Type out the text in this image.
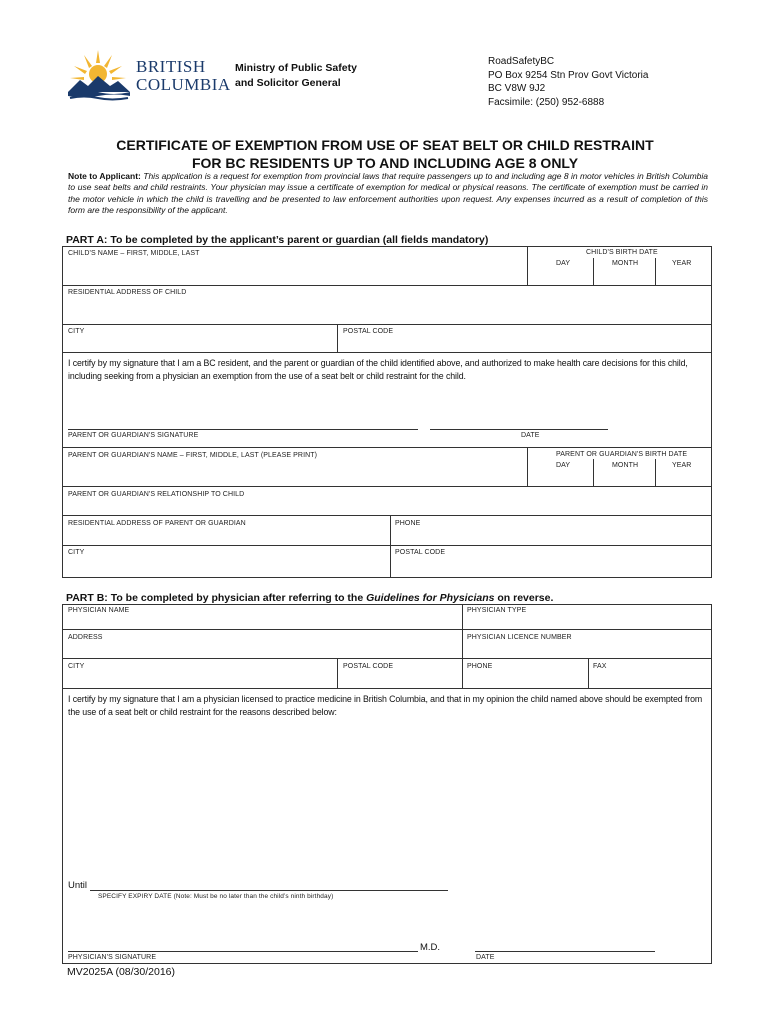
BRITISH
COLUMBIA
Ministry of Public Safety
and Solicitor General
RoadSafetyBC
PO Box 9254 Stn Prov Govt Victoria
BC V8W 9J2
Facsimile: (250) 952-6888
CERTIFICATE OF EXEMPTION FROM USE OF SEAT BELT OR CHILD RESTRAINT
FOR BC RESIDENTS UP TO AND INCLUDING AGE 8 ONLY
Note to Applicant: This application is a request for exemption from provincial laws that require passengers up to and including age 8 in motor vehicles in British Columbia to use seat belts and child restraints. Your physician may issue a certificate of exemption for medical or physical reasons. The certificate of exemption must be carried in the motor vehicle in which the child is travelling and be presented to law enforcement authorities upon request. Any expenses incurred as a result of completion of this form are the responsibility of the applicant.
PART A: To be completed by the applicant’s parent or guardian (all fields mandatory)
CHILD'S NAME – FIRST, MIDDLE, LAST	CHILD'S BIRTH DATE
DAY	MONTH	YEAR
RESIDENTIAL ADDRESS OF CHILD
CITY	POSTAL CODE
I certify by my signature that I am a BC resident, and the parent or guardian of the child identified above, and authorized to make health care decisions for this child, including seeking from a physician an exemption from the use of a seat belt or child restraint for the child.
PARENT OR GUARDIAN'S SIGNATURE	DATE
PARENT OR GUARDIAN'S NAME – FIRST, MIDDLE, LAST (PLEASE PRINT)	PARENT OR GUARDIAN'S BIRTH DATE
DAY	MONTH	YEAR
PARENT OR GUARDIAN'S RELATIONSHIP TO CHILD
RESIDENTIAL ADDRESS OF PARENT OR GUARDIAN	PHONE
CITY	POSTAL CODE
PART B: To be completed by physician after referring to the Guidelines for Physicians on reverse.
PHYSICIAN NAME	PHYSICIAN TYPE
ADDRESS	PHYSICIAN LICENCE NUMBER
CITY	POSTAL CODE	PHONE	FAX
I certify by my signature that I am a physician licensed to practice medicine in British Columbia, and that in my opinion the child named above should be exempted from the use of a seat belt or child restraint for the reasons described below:
Until
SPECIFY EXPIRY DATE (Note: Must be no later than the child’s ninth birthday)
M.D.
PHYSICIAN'S SIGNATURE	DATE
MV2025A (08/30/2016)
